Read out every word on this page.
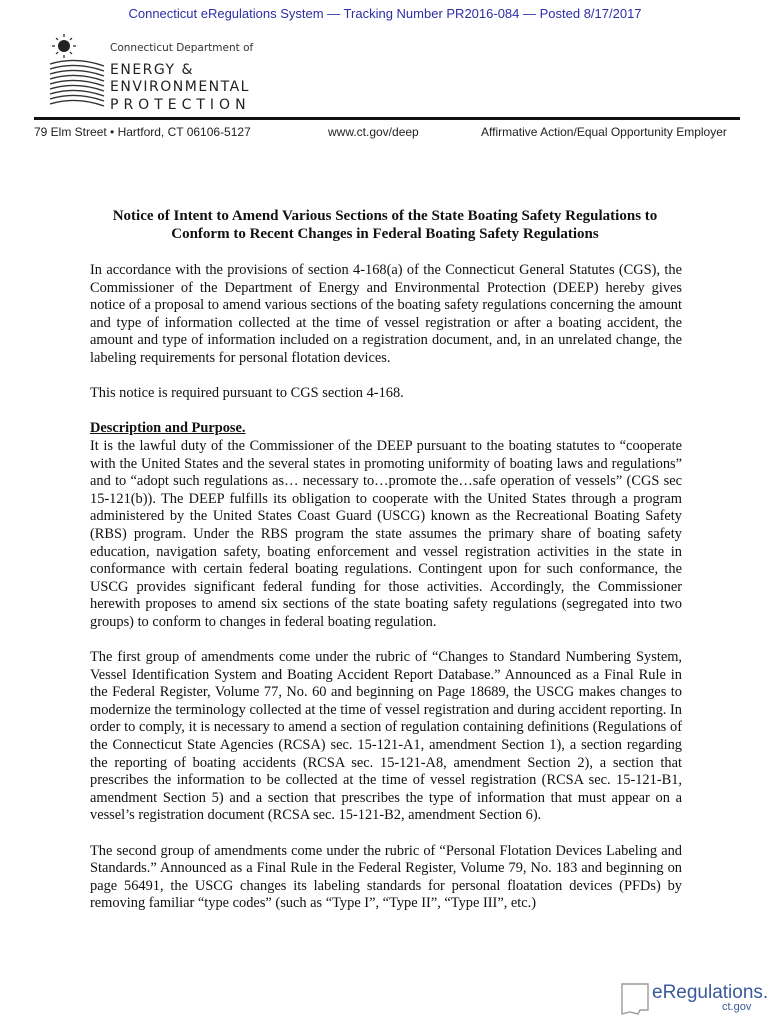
Connecticut eRegulations System — Tracking Number PR2016-084 — Posted 8/17/2017
Connecticut Department of
ENERGY &
ENVIRONMENTAL
PROTECTION
79 Elm Street • Hartford, CT 06106-5127	www.ct.gov/deep	Affirmative Action/Equal Opportunity Employer
Notice of Intent to Amend Various Sections of the State Boating Safety Regulations to
Conform to Recent Changes in Federal Boating Safety Regulations

In accordance with the provisions of section 4-168(a) of the Connecticut General Statutes (CGS), the Commissioner of the Department of Energy and Environmental Protection (DEEP) hereby gives notice of a proposal to amend various sections of the boating safety regulations concerning the amount and type of information collected at the time of vessel registration or after a boating accident, the amount and type of information included on a registration document, and, in an unrelated change, the labeling requirements for personal flotation devices.

This notice is required pursuant to CGS section 4-168.

Description and Purpose.

It is the lawful duty of the Commissioner of the DEEP pursuant to the boating statutes to “cooperate with the United States and the several states in promoting uniformity of boating laws and regulations” and to “adopt such regulations as… necessary to…promote the…safe operation of vessels” (CGS sec 15-121(b)). The DEEP fulfills its obligation to cooperate with the United States through a program administered by the United States Coast Guard (USCG) known as the Recreational Boating Safety (RBS) program. Under the RBS program the state assumes the primary share of boating safety education, navigation safety, boating enforcement and vessel registration activities in the state in conformance with certain federal boating regulations. Contingent upon for such conformance, the USCG provides significant federal funding for those activities. Accordingly, the Commissioner herewith proposes to amend six sections of the state boating safety regulations (segregated into two groups) to conform to changes in federal boating regulation.

The first group of amendments come under the rubric of “Changes to Standard Numbering System, Vessel Identification System and Boating Accident Report Database.” Announced as a Final Rule in the Federal Register, Volume 77, No. 60 and beginning on Page 18689, the USCG makes changes to modernize the terminology collected at the time of vessel registration and during accident reporting. In order to comply, it is necessary to amend a section of regulation containing definitions (Regulations of the Connecticut State Agencies (RCSA) sec. 15-121-A1, amendment Section 1), a section regarding the reporting of boating accidents (RCSA sec. 15-121-A8, amendment Section 2), a section that prescribes the information to be collected at the time of vessel registration (RCSA sec. 15-121-B1, amendment Section 5) and a section that prescribes the type of information that must appear on a vessel’s registration document (RCSA sec. 15-121-B2, amendment Section 6).

The second group of amendments come under the rubric of “Personal Flotation Devices Labeling and Standards.” Announced as a Final Rule in the Federal Register, Volume 79, No. 183 and beginning on page 56491, the USCG changes its labeling standards for personal floatation devices (PFDs) by removing familiar “type codes” (such as “Type I”, “Type II”, “Type III”, etc.)

eRegulations.
ct.gov
